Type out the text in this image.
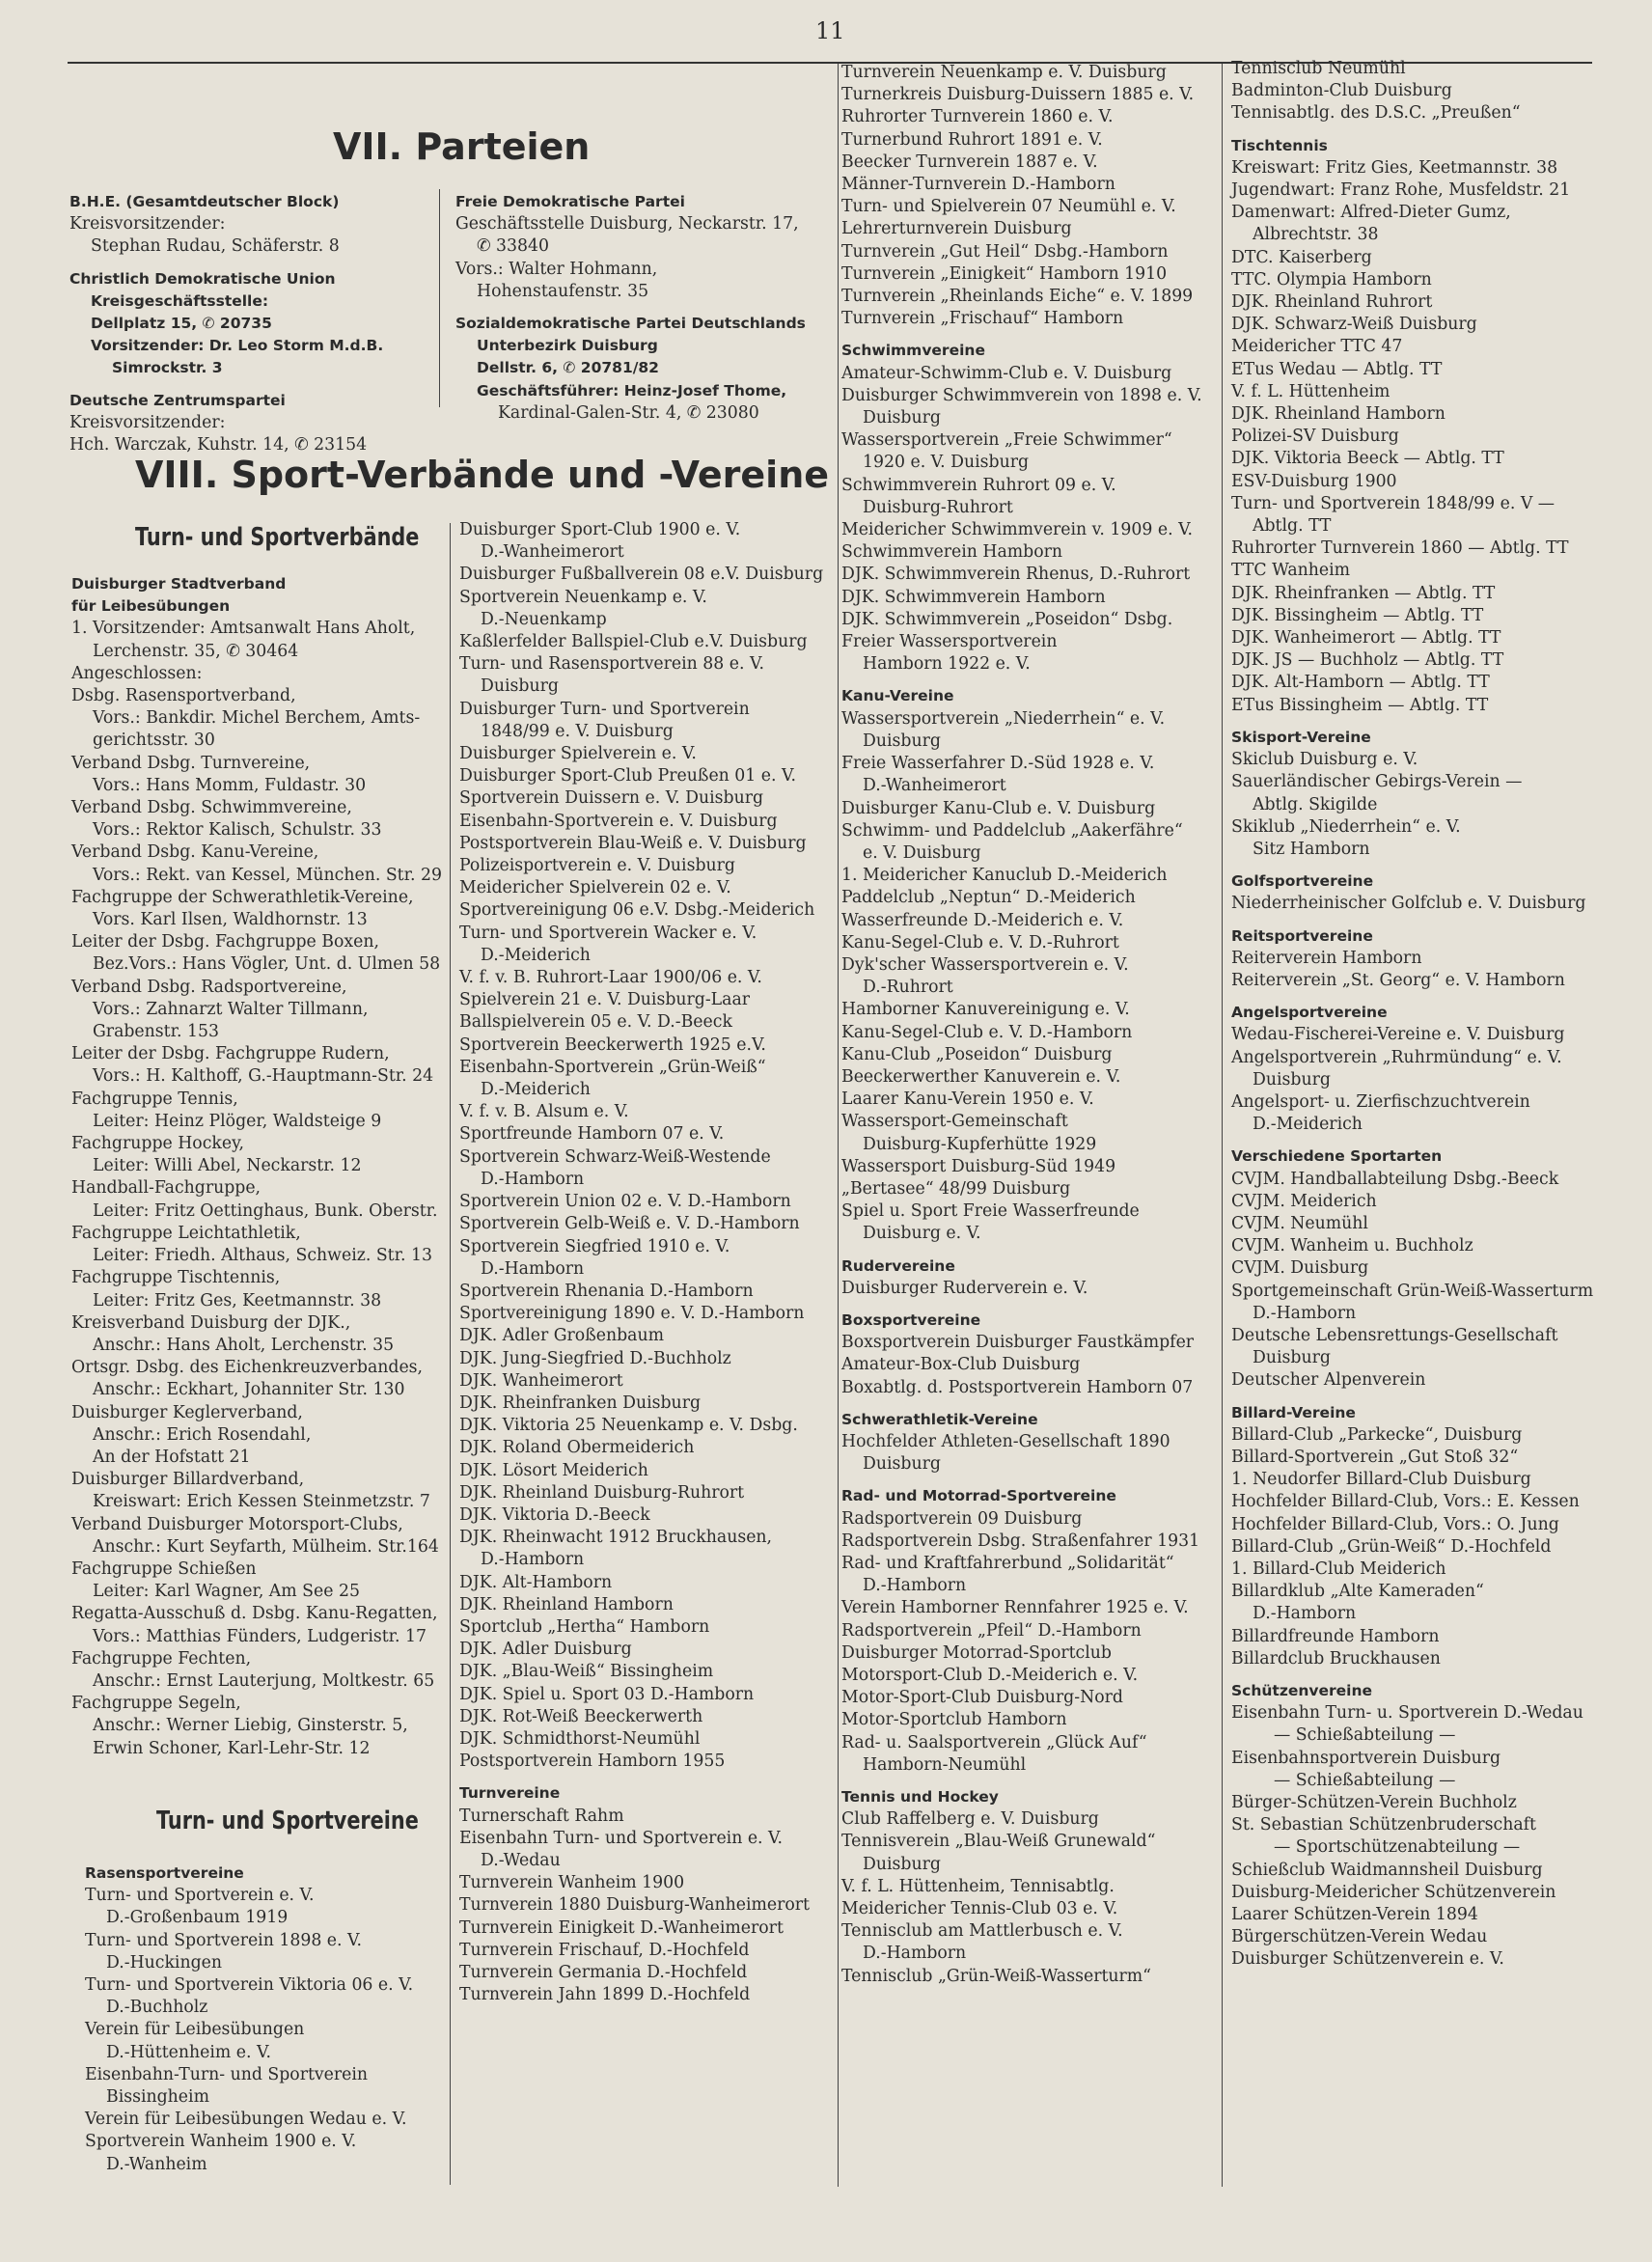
11
VII. Parteien
B.H.E. (Gesamtdeutscher Block)
Kreisvorsitzender:
Stephan Rudau, Schäferstr. 8
Christlich Demokratische Union
Kreisgeschäftsstelle:
Dellplatz 15, ✆ 20735
Vorsitzender: Dr. Leo Storm M.d.B.
Simrockstr. 3
Deutsche Zentrumspartei
Kreisvorsitzender:
Hch. Warczak, Kuhstr. 14, ✆ 23154
Freie Demokratische Partei
Geschäftsstelle Duisburg, Neckarstr. 17,
✆ 33840
Vors.: Walter Hohmann,
Hohenstaufenstr. 35
Sozialdemokratische Partei Deutschlands
Unterbezirk Duisburg
Dellstr. 6, ✆ 20781/82
Geschäftsführer: Heinz-Josef Thome,
Kardinal-Galen-Str. 4, ✆ 23080
VIII. Sport-Verbände und -Vereine
Turn- und Sportverbände
Duisburger Stadtverband
für Leibesübungen
1. Vorsitzender: Amtsanwalt Hans Aholt,
Lerchenstr. 35, ✆ 30464
Angeschlossen:
Dsbg. Rasensportverband,
Vors.: Bankdir. Michel Berchem, Amts-
gerichtsstr. 30
Verband Dsbg. Turnvereine,
Vors.: Hans Momm, Fuldastr. 30
Verband Dsbg. Schwimmvereine,
Vors.: Rektor Kalisch, Schulstr. 33
Verband Dsbg. Kanu-Vereine,
Vors.: Rekt. van Kessel, München. Str. 29
Fachgruppe der Schwerathletik-Vereine,
Vors. Karl Ilsen, Waldhornstr. 13
Leiter der Dsbg. Fachgruppe Boxen,
Bez.Vors.: Hans Vögler, Unt. d. Ulmen 58
Verband Dsbg. Radsportvereine,
Vors.: Zahnarzt Walter Tillmann,
Grabenstr. 153
Leiter der Dsbg. Fachgruppe Rudern,
Vors.: H. Kalthoff, G.-Hauptmann-Str. 24
Fachgruppe Tennis,
Leiter: Heinz Plöger, Waldsteige 9
Fachgruppe Hockey,
Leiter: Willi Abel, Neckarstr. 12
Handball-Fachgruppe,
Leiter: Fritz Oettinghaus, Bunk. Oberstr.
Fachgruppe Leichtathletik,
Leiter: Friedh. Althaus, Schweiz. Str. 13
Fachgruppe Tischtennis,
Leiter: Fritz Ges, Keetmannstr. 38
Kreisverband Duisburg der DJK.,
Anschr.: Hans Aholt, Lerchenstr. 35
Ortsgr. Dsbg. des Eichenkreuzverbandes,
Anschr.: Eckhart, Johanniter Str. 130
Duisburger Keglerverband,
Anschr.: Erich Rosendahl,
An der Hofstatt 21
Duisburger Billardverband,
Kreiswart: Erich Kessen Steinmetzstr. 7
Verband Duisburger Motorsport-Clubs,
Anschr.: Kurt Seyfarth, Mülheim. Str.164
Fachgruppe Schießen
Leiter: Karl Wagner, Am See 25
Regatta-Ausschuß d. Dsbg. Kanu-Regatten,
Vors.: Matthias Fünders, Ludgeristr. 17
Fachgruppe Fechten,
Anschr.: Ernst Lauterjung, Moltkestr. 65
Fachgruppe Segeln,
Anschr.: Werner Liebig, Ginsterstr. 5,
Erwin Schoner, Karl-Lehr-Str. 12
Turn- und Sportvereine
Rasensportvereine
Turn- und Sportverein e. V.
D.-Großenbaum 1919
Turn- und Sportverein 1898 e. V.
D.-Huckingen
Turn- und Sportverein Viktoria 06 e. V.
D.-Buchholz
Verein für Leibesübungen
D.-Hüttenheim e. V.
Eisenbahn-Turn- und Sportverein
Bissingheim
Verein für Leibesübungen Wedau e. V.
Sportverein Wanheim 1900 e. V.
D.-Wanheim
Duisburger Sport-Club 1900 e. V.
D.-Wanheimerort
Duisburger Fußballverein 08 e.V. Duisburg
Sportverein Neuenkamp e. V.
D.-Neuenkamp
Kaßlerfelder Ballspiel-Club e.V. Duisburg
Turn- und Rasensportverein 88 e. V.
Duisburg
Duisburger Turn- und Sportverein
1848/99 e. V. Duisburg
Duisburger Spielverein e. V.
Duisburger Sport-Club Preußen 01 e. V.
Sportverein Duissern e. V. Duisburg
Eisenbahn-Sportverein e. V. Duisburg
Postsportverein Blau-Weiß e. V. Duisburg
Polizeisportverein e. V. Duisburg
Meidericher Spielverein 02 e. V.
Sportvereinigung 06 e.V. Dsbg.-Meiderich
Turn- und Sportverein Wacker e. V.
D.-Meiderich
V. f. v. B. Ruhrort-Laar 1900/06 e. V.
Spielverein 21 e. V. Duisburg-Laar
Ballspielverein 05 e. V. D.-Beeck
Sportverein Beeckerwerth 1925 e.V.
Eisenbahn-Sportverein „Grün-Weiß“
D.-Meiderich
V. f. v. B. Alsum e. V.
Sportfreunde Hamborn 07 e. V.
Sportverein Schwarz-Weiß-Westende
D.-Hamborn
Sportverein Union 02 e. V. D.-Hamborn
Sportverein Gelb-Weiß e. V. D.-Hamborn
Sportverein Siegfried 1910 e. V.
D.-Hamborn
Sportverein Rhenania D.-Hamborn
Sportvereinigung 1890 e. V. D.-Hamborn
DJK. Adler Großenbaum
DJK. Jung-Siegfried D.-Buchholz
DJK. Wanheimerort
DJK. Rheinfranken Duisburg
DJK. Viktoria 25 Neuenkamp e. V. Dsbg.
DJK. Roland Obermeiderich
DJK. Lösort Meiderich
DJK. Rheinland Duisburg-Ruhrort
DJK. Viktoria D.-Beeck
DJK. Rheinwacht 1912 Bruckhausen,
D.-Hamborn
DJK. Alt-Hamborn
DJK. Rheinland Hamborn
Sportclub „Hertha“ Hamborn
DJK. Adler Duisburg
DJK. „Blau-Weiß“ Bissingheim
DJK. Spiel u. Sport 03 D.-Hamborn
DJK. Rot-Weiß Beeckerwerth
DJK. Schmidthorst-Neumühl
Postsportverein Hamborn 1955
Turnvereine
Turnerschaft Rahm
Eisenbahn Turn- und Sportverein e. V.
D.-Wedau
Turnverein Wanheim 1900
Turnverein 1880 Duisburg-Wanheimerort
Turnverein Einigkeit D.-Wanheimerort
Turnverein Frischauf, D.-Hochfeld
Turnverein Germania D.-Hochfeld
Turnverein Jahn 1899 D.-Hochfeld
Turnverein Neuenkamp e. V. Duisburg
Turnerkreis Duisburg-Duissern 1885 e. V.
Ruhrorter Turnverein 1860 e. V.
Turnerbund Ruhrort 1891 e. V.
Beecker Turnverein 1887 e. V.
Männer-Turnverein D.-Hamborn
Turn- und Spielverein 07 Neumühl e. V.
Lehrerturnverein Duisburg
Turnverein „Gut Heil“ Dsbg.-Hamborn
Turnverein „Einigkeit“ Hamborn 1910
Turnverein „Rheinlands Eiche“ e. V. 1899
Turnverein „Frischauf“ Hamborn
Schwimmvereine
Amateur-Schwimm-Club e. V. Duisburg
Duisburger Schwimmverein von 1898 e. V.
Duisburg
Wassersportverein „Freie Schwimmer“
1920 e. V. Duisburg
Schwimmverein Ruhrort 09 e. V.
Duisburg-Ruhrort
Meidericher Schwimmverein v. 1909 e. V.
Schwimmverein Hamborn
DJK. Schwimmverein Rhenus, D.-Ruhrort
DJK. Schwimmverein Hamborn
DJK. Schwimmverein „Poseidon“ Dsbg.
Freier Wassersportverein
Hamborn 1922 e. V.
Kanu-Vereine
Wassersportverein „Niederrhein“ e. V.
Duisburg
Freie Wasserfahrer D.-Süd 1928 e. V.
D.-Wanheimerort
Duisburger Kanu-Club e. V. Duisburg
Schwimm- und Paddelclub „Aakerfähre“
e. V. Duisburg
1. Meidericher Kanuclub D.-Meiderich
Paddelclub „Neptun“ D.-Meiderich
Wasserfreunde D.-Meiderich e. V.
Kanu-Segel-Club e. V. D.-Ruhrort
Dyk'scher Wassersportverein e. V.
D.-Ruhrort
Hamborner Kanuvereinigung e. V.
Kanu-Segel-Club e. V. D.-Hamborn
Kanu-Club „Poseidon“ Duisburg
Beeckerwerther Kanuverein e. V.
Laarer Kanu-Verein 1950 e. V.
Wassersport-Gemeinschaft
Duisburg-Kupferhütte 1929
Wassersport Duisburg-Süd 1949
„Bertasee“ 48/99 Duisburg
Spiel u. Sport Freie Wasserfreunde
Duisburg e. V.
Rudervereine
Duisburger Ruderverein e. V.
Boxsportvereine
Boxsportverein Duisburger Faustkämpfer
Amateur-Box-Club Duisburg
Boxabtlg. d. Postsportverein Hamborn 07
Schwerathletik-Vereine
Hochfelder Athleten-Gesellschaft 1890
Duisburg
Rad- und Motorrad-Sportvereine
Radsportverein 09 Duisburg
Radsportverein Dsbg. Straßenfahrer 1931
Rad- und Kraftfahrerbund „Solidarität“
D.-Hamborn
Verein Hamborner Rennfahrer 1925 e. V.
Radsportverein „Pfeil“ D.-Hamborn
Duisburger Motorrad-Sportclub
Motorsport-Club D.-Meiderich e. V.
Motor-Sport-Club Duisburg-Nord
Motor-Sportclub Hamborn
Rad- u. Saalsportverein „Glück Auf“
Hamborn-Neumühl
Tennis und Hockey
Club Raffelberg e. V. Duisburg
Tennisverein „Blau-Weiß Grunewald“
Duisburg
V. f. L. Hüttenheim, Tennisabtlg.
Meidericher Tennis-Club 03 e. V.
Tennisclub am Mattlerbusch e. V.
D.-Hamborn
Tennisclub „Grün-Weiß-Wasserturm“
Tennisclub Neumühl
Badminton-Club Duisburg
Tennisabtlg. des D.S.C. „Preußen“
Tischtennis
Kreiswart: Fritz Gies, Keetmannstr. 38
Jugendwart: Franz Rohe, Musfeldstr. 21
Damenwart: Alfred-Dieter Gumz,
Albrechtstr. 38
DTC. Kaiserberg
TTC. Olympia Hamborn
DJK. Rheinland Ruhrort
DJK. Schwarz-Weiß Duisburg
Meidericher TTC 47
ETus Wedau — Abtlg. TT
V. f. L. Hüttenheim
DJK. Rheinland Hamborn
Polizei-SV Duisburg
DJK. Viktoria Beeck — Abtlg. TT
ESV-Duisburg 1900
Turn- und Sportverein 1848/99 e. V —
Abtlg. TT
Ruhrorter Turnverein 1860 — Abtlg. TT
TTC Wanheim
DJK. Rheinfranken — Abtlg. TT
DJK. Bissingheim — Abtlg. TT
DJK. Wanheimerort — Abtlg. TT
DJK. JS — Buchholz — Abtlg. TT
DJK. Alt-Hamborn — Abtlg. TT
ETus Bissingheim — Abtlg. TT
Skisport-Vereine
Skiclub Duisburg e. V.
Sauerländischer Gebirgs-Verein —
Abtlg. Skigilde
Skiklub „Niederrhein“ e. V.
Sitz Hamborn
Golfsportvereine
Niederrheinischer Golfclub e. V. Duisburg
Reitsportvereine
Reiterverein Hamborn
Reiterverein „St. Georg“ e. V. Hamborn
Angelsportvereine
Wedau-Fischerei-Vereine e. V. Duisburg
Angelsportverein „Ruhrmündung“ e. V.
Duisburg
Angelsport- u. Zierfischzuchtverein
D.-Meiderich
Verschiedene Sportarten
CVJM. Handballabteilung Dsbg.-Beeck
CVJM. Meiderich
CVJM. Neumühl
CVJM. Wanheim u. Buchholz
CVJM. Duisburg
Sportgemeinschaft Grün-Weiß-Wasserturm
D.-Hamborn
Deutsche Lebensrettungs-Gesellschaft
Duisburg
Deutscher Alpenverein
Billard-Vereine
Billard-Club „Parkecke“, Duisburg
Billard-Sportverein „Gut Stoß 32“
1. Neudorfer Billard-Club Duisburg
Hochfelder Billard-Club, Vors.: E. Kessen
Hochfelder Billard-Club, Vors.: O. Jung
Billard-Club „Grün-Weiß“ D.-Hochfeld
1. Billard-Club Meiderich
Billardklub „Alte Kameraden“
D.-Hamborn
Billardfreunde Hamborn
Billardclub Bruckhausen
Schützenvereine
Eisenbahn Turn- u. Sportverein D.-Wedau
— Schießabteilung —
Eisenbahnsportverein Duisburg
— Schießabteilung —
Bürger-Schützen-Verein Buchholz
St. Sebastian Schützenbruderschaft
— Sportschützenabteilung —
Schießclub Waidmannsheil Duisburg
Duisburg-Meidericher Schützenverein
Laarer Schützen-Verein 1894
Bürgerschützen-Verein Wedau
Duisburger Schützenverein e. V.
